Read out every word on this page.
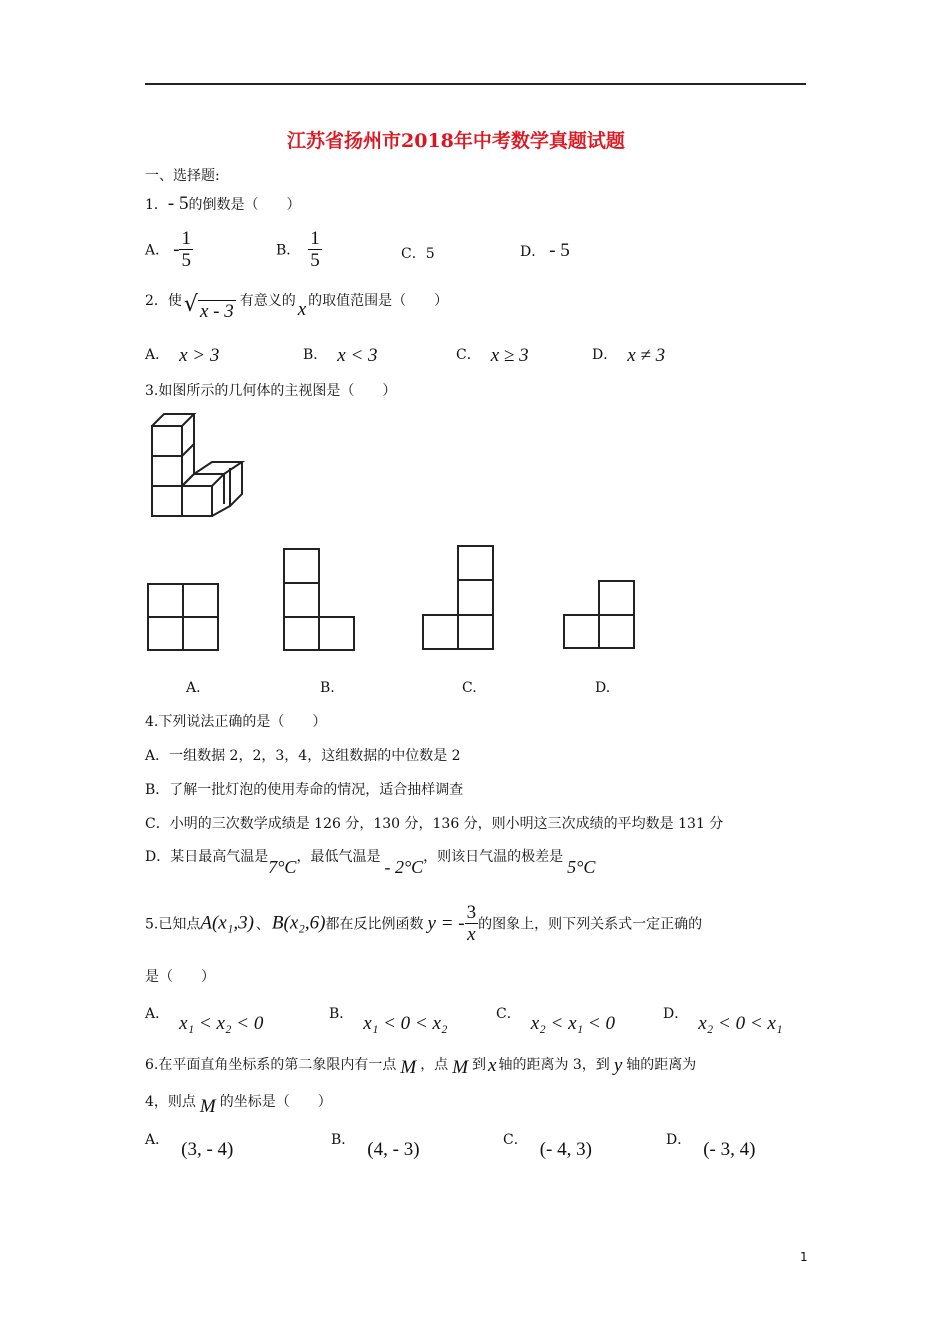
江苏省扬州市2018年中考数学真题试题
一、选择题:
1．- 5的倒数是（　　）
A． - $\frac{1}{5}$	B． $\frac{1}{5}$	C．5	D． - 5
2．使√ x - 3 有意义的 x 的取值范围是（　　）
A． x > 3	B． x < 3	C． x ≥ 3	D． x ≠ 3
3.如图所示的几何体的主视图是（　　）
A.	B.	C.	D.
4.下列说法正确的是（　　）
A．一组数据 2，2，3，4，这组数据的中位数是 2
B．了解一批灯泡的使用寿命的情况，适合抽样调查
C．小明的三次数学成绩是 126 分，130 分，136 分，则小明这三次成绩的平均数是 131 分
D．某日最高气温是7°C，最低气温是 - 2°C，则该日气温的极差是 5°C
5.已知点A(x₁,3) 、 B(x₂,6)都在反比例函数 y = - $\frac{3}{x}$ 的图象上，则下列关系式一定正确的
是（　　）
A． x₁ < x₂ < 0	B． x₁ < 0 < x₂	C． x₂ < x₁ < 0	D． x₂ < 0 < x₁
6.在平面直角坐标系的第二象限内有一点 M ，点 M 到 x 轴的距离为 3，到 y 轴的距离为
4，则点 M 的坐标是（　　）
A． (3, - 4)	B． (4, - 3)	C． (- 4, 3)	D． (- 3, 4)
1
